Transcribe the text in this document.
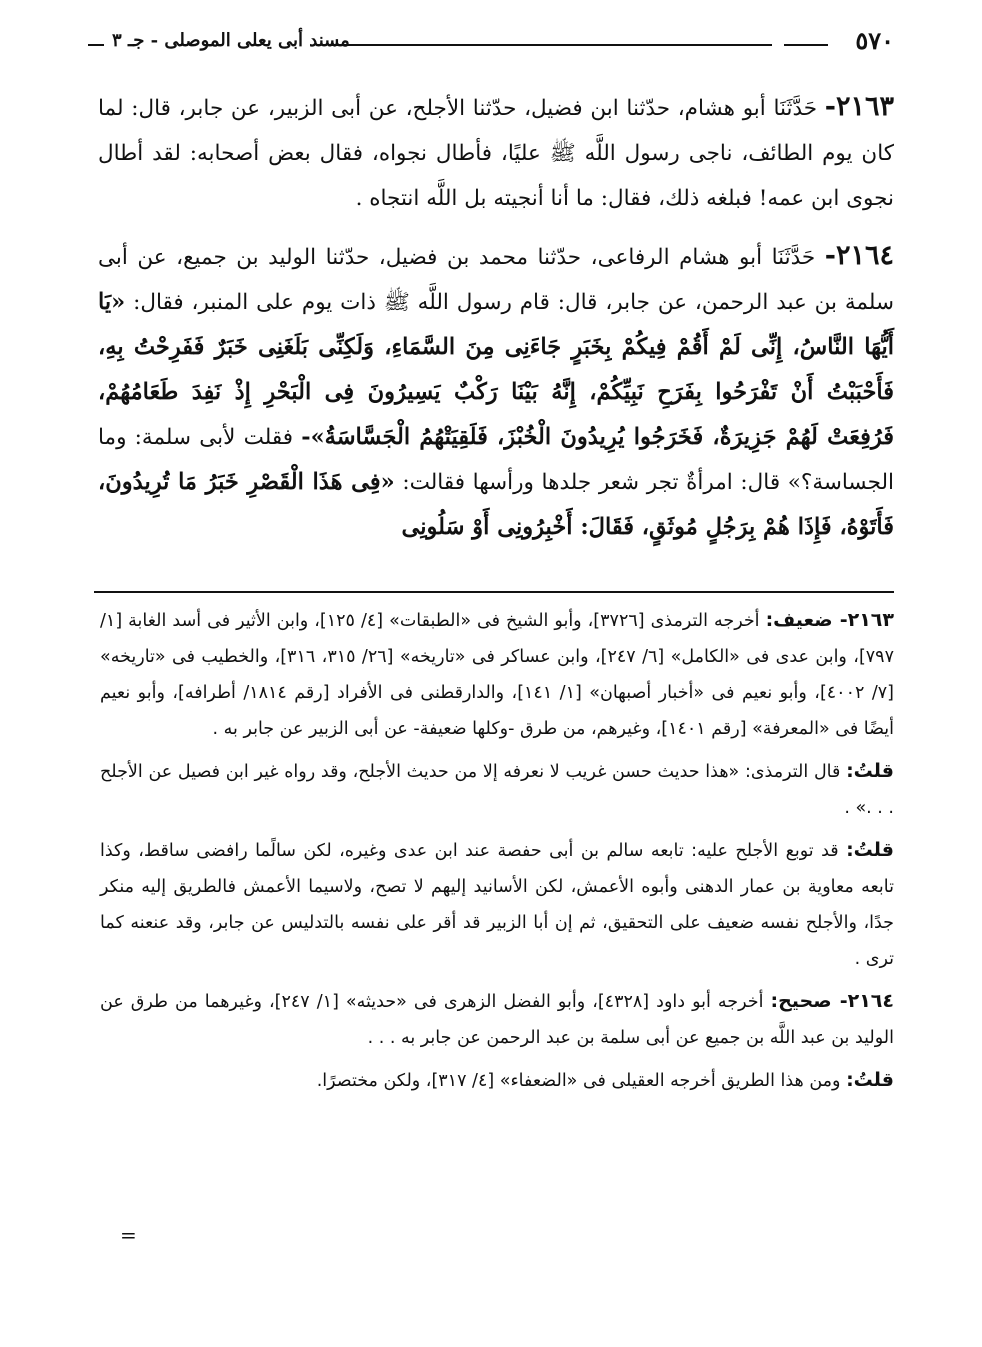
٥٧٠
مسند أبى يعلى الموصلى - جـ ٣

٢١٦٣- حَدَّثَنَا أبو هشام، حدّثنا ابن فضيل، حدّثنا الأجلح، عن أبى الزبير، عن جابر، قال: لما كان يوم الطائف، ناجى رسول اللَّه ﷺ عليًا، فأطال نجواه، فقال بعض أصحابه: لقد أطال نجوى ابن عمه! فبلغه ذلك، فقال: ما أنا أنجيته بل اللَّه انتجاه .

٢١٦٤- حَدَّثَنَا أبو هشام الرفاعى، حدّثنا محمد بن فضيل، حدّثنا الوليد بن جميع، عن أبى سلمة بن عبد الرحمن، عن جابر، قال: قام رسول اللَّه ﷺ ذات يوم على المنبر، فقال: «يَا أَيُّهَا النَّاسُ، إِنِّى لَمْ أَقُمْ فِيكُمْ بِخَبَرٍ جَاءَنِى مِنَ السَّمَاءِ، وَلَكِنِّى بَلَغَنِى خَبَرٌ فَفَرِحْتُ بِهِ، فَأَحْبَبْتُ أَنْ تَفْرَحُوا بِفَرَحِ نَبِيِّكُمْ، إِنَّهُ بَيْنَا رَكْبٌ يَسِيرُونَ فِى الْبَحْرِ إِذْ نَفِدَ طَعَامُهُمْ، فَرُفِعَتْ لَهُمْ جَزِيرَةٌ، فَخَرَجُوا يُرِيدُونَ الْخُبْزَ، فَلَقِيَتْهُمُ الْجَسَّاسَةُ»- فقلت لأبى سلمة: وما الجساسة؟» قال: امرأةٌ تجر شعر جلدها ورأسها فقالت: «فِى هَذَا الْقَصْرِ خَبَرُ مَا تُرِيدُونَ، فَأَتَوْهُ، فَإِذَا هُمْ بِرَجُلٍ مُوثَقٍ، فَقَالَ: أَخْبِرُونِى أَوْ سَلُونِى

٢١٦٣- ضعيف: أخرجه الترمذى [٣٧٢٦]، وأبو الشيخ فى «الطبقات» [٤/ ١٢٥]، وابن الأثير فى أسد الغابة [١/ ٧٩٧]، وابن عدى فى «الكامل» [٦/ ٢٤٧]، وابن عساكر فى «تاريخه» [٢٦/ ٣١٥، ٣١٦]، والخطيب فى «تاريخه» [٧/ ٤٠٠٢]، وأبو نعيم فى «أخبار أصبهان» [١/ ١٤١]، والدارقطنى فى الأفراد [رقم ١٨١٤/ أطرافه]، وأبو نعيم أيضًا فى «المعرفة» [رقم ١٤٠١]، وغيرهم، من طرق -وكلها ضعيفة- عن أبى الزبير عن جابر به .

قلتُ: قال الترمذى: «هذا حديث حسن غريب لا نعرفه إلا من حديث الأجلح، وقد رواه غير ابن فصيل عن الأجلح . . .» .

قلتُ: قد توبع الأجلح عليه: تابعه سالم بن أبى حفصة عند ابن عدى وغيره، لكن سالًما رافضى ساقط، وكذا تابعه معاوية بن عمار الدهنى وأبوه الأعمش، لكن الأسانيد إليهم لا تصح، ولاسيما الأعمش فالطريق إليه منكر جدًا، والأجلح نفسه ضعيف على التحقيق، ثم إن أبا الزبير قد أقر على نفسه بالتدليس عن جابر، وقد عنعنه كما ترى .

٢١٦٤- صحيح: أخرجه أبو داود [٤٣٢٨]، وأبو الفضل الزهرى فى «حديثه» [١/ ٢٤٧]، وغيرهما من طرق عن الوليد بن عبد اللَّه بن جميع عن أبى سلمة بن عبد الرحمن عن جابر به . . .

قلتُ: ومن هذا الطريق أخرجه العقيلى فى «الضعفاء» [٤/ ٣١٧]، ولكن مختصرًا.

=
